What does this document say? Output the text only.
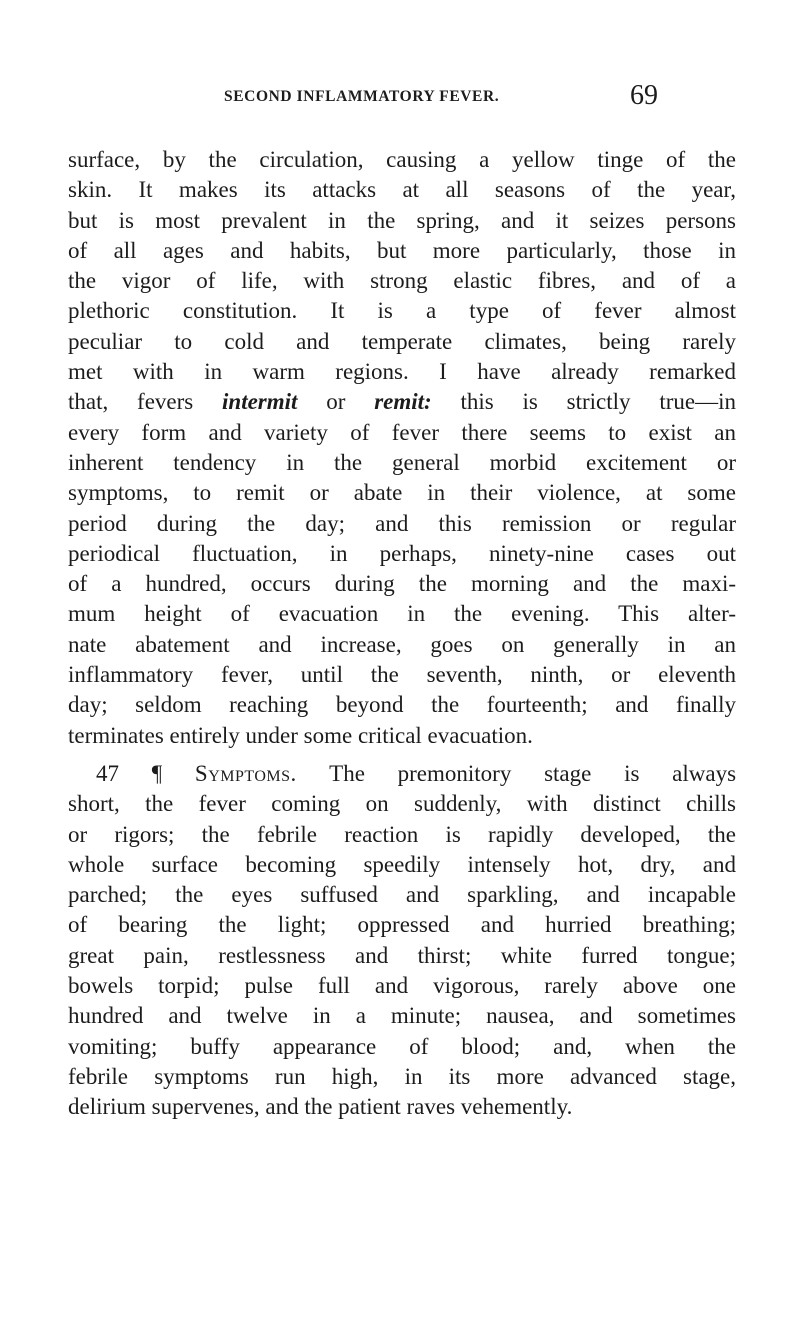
SECOND INFLAMMATORY FEVER.	69
surface, by the circulation, causing a yellow tinge of the
skin. It makes its attacks at all seasons of the year,
but is most prevalent in the spring, and it seizes persons
of all ages and habits, but more particularly, those in
the vigor of life, with strong elastic fibres, and of a
plethoric constitution. It is a type of fever almost
peculiar to cold and temperate climates, being rarely
met with in warm regions. I have already remarked
that, fevers intermit or remit: this is strictly true—in
every form and variety of fever there seems to exist an
inherent tendency in the general morbid excitement or
symptoms, to remit or abate in their violence, at some
period during the day; and this remission or regular
periodical fluctuation, in perhaps, ninety-nine cases out
of a hundred, occurs during the morning and the maxi-
mum height of evacuation in the evening. This alter-
nate abatement and increase, goes on generally in an
inflammatory fever, until the seventh, ninth, or eleventh
day; seldom reaching beyond the fourteenth; and finally
terminates entirely under some critical evacuation.
47 ¶ Symptoms. The premonitory stage is always
short, the fever coming on suddenly, with distinct chills
or rigors; the febrile reaction is rapidly developed, the
whole surface becoming speedily intensely hot, dry, and
parched; the eyes suffused and sparkling, and incapable
of bearing the light; oppressed and hurried breathing;
great pain, restlessness and thirst; white furred tongue;
bowels torpid; pulse full and vigorous, rarely above one
hundred and twelve in a minute; nausea, and sometimes
vomiting; buffy appearance of blood; and, when the
febrile symptoms run high, in its more advanced stage,
delirium supervenes, and the patient raves vehemently.
